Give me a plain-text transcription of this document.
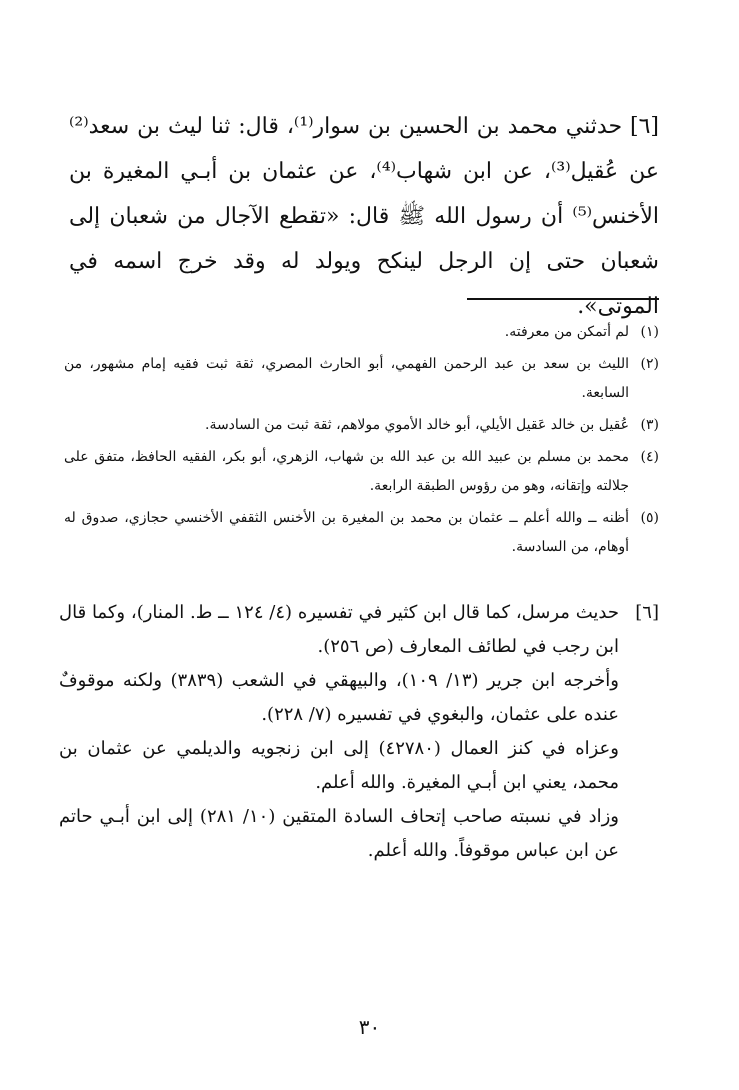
[٦] حدثني محمد بن الحسين بن سوار⁽¹⁾، قال: ثنا ليث بن سعد⁽²⁾ عن عُقيل⁽³⁾، عن ابن شهاب⁽⁴⁾، عن عثمان بن أبـي المغيرة بن الأخنس⁽⁵⁾ أن رسول الله ﷺ قال: «تقطع الآجال من شعبان إلى شعبان حتى إن الرجل لينكح ويولد له وقد خرج اسمه في الموتى».

(١)
لم أتمكن من معرفته.
(٢)
الليث بن سعد بن عبد الرحمن الفهمي، أبو الحارث المصري، ثقة ثبت فقيه إمام مشهور، من السابعة.
(٣)
عُقيل بن خالد عَقيل الأيلي، أبو خالد الأموي مولاهم، ثقة ثبت من السادسة.
(٤)
محمد بن مسلم بن عبيد الله بن عبد الله بن شهاب، الزهري، أبو بكر، الفقيه الحافظ، متفق على جلالته وإتقانه، وهو من رؤوس الطبقة الرابعة.
(٥)
أظنه ــ والله أعلم ــ عثمان بن محمد بن المغيرة بن الأخنس الثقفي الأخنسي حجازي، صدوق له أوهام، من السادسة.
[٦]

حديث مرسل، كما قال ابن كثير في تفسيره (٤/ ١٢٤ ــ ط. المنار)، وكما قال ابن رجب في لطائف المعارف (ص ٢٥٦).

وأخرجه ابن جرير (١٣/ ١٠٩)، والبيهقي في الشعب (٣٨٣٩) ولكنه موقوفٌ عنده على عثمان، والبغوي في تفسيره (٧/ ٢٢٨).

وعزاه في كنز العمال (٤٢٧٨٠) إلى ابن زنجويه والديلمي عن عثمان بن محمد، يعني ابن أبـي المغيرة. والله أعلم.

وزاد في نسبته صاحب إتحاف السادة المتقين (١٠/ ٢٨١) إلى ابن أبـي حاتم عن ابن عباس موقوفاً. والله أعلم.

٣٠
